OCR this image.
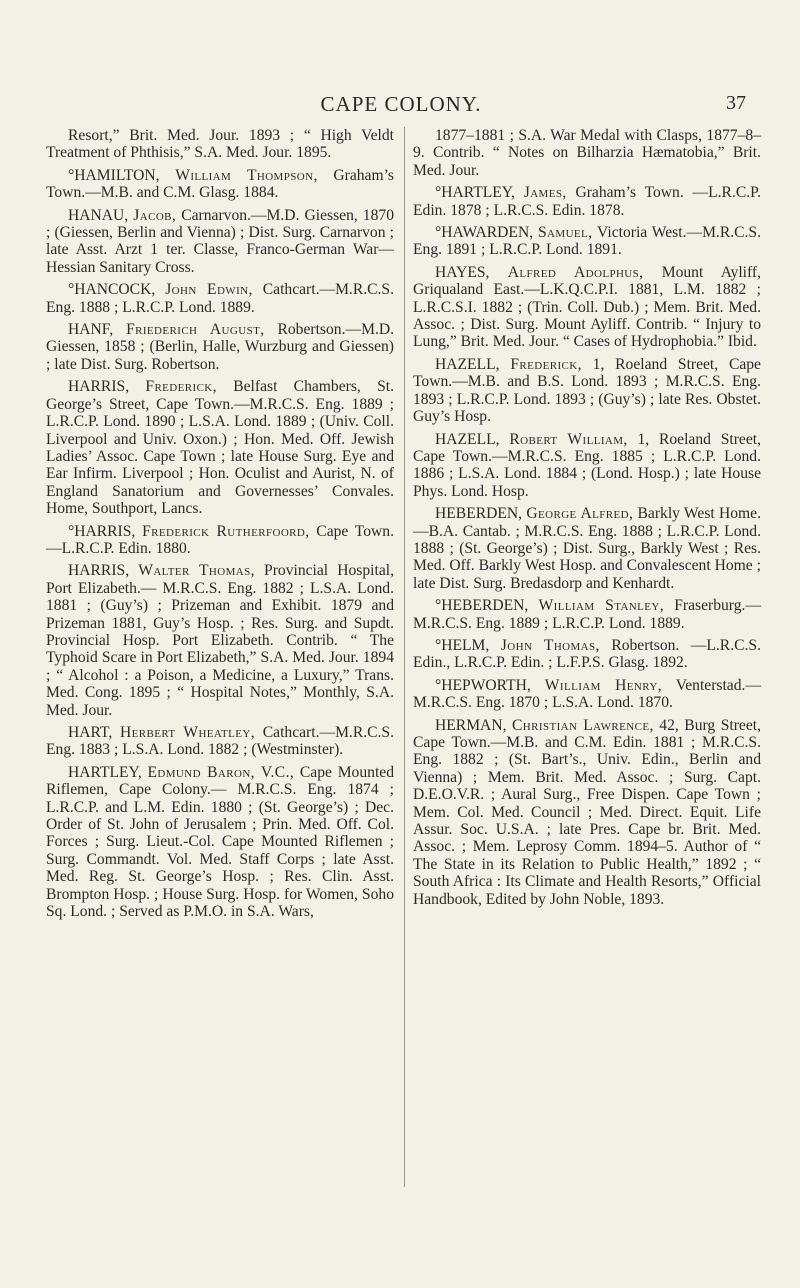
CAPE COLONY.	37

Resort,” Brit. Med. Jour. 1893 ; “ High Veldt Treatment of Phthisis,” S.A. Med. Jour. 1895.

°HAMILTON, William Thompson, Graham’s Town.—M.B. and C.M. Glasg. 1884.

HANAU, Jacob, Carnarvon.—M.D. Giessen, 1870 ; (Giessen, Berlin and Vienna) ; Dist. Surg. Carnarvon ; late Asst. Arzt 1 ter. Classe, Franco-German War—Hessian Sanitary Cross.

°HANCOCK, John Edwin, Cathcart.—M.R.C.S. Eng. 1888 ; L.R.C.P. Lond. 1889.

HANF, Friederich August, Robertson.—M.D. Giessen, 1858 ; (Berlin, Halle, Wurzburg and Giessen) ; late Dist. Surg. Robertson.

HARRIS, Frederick, Belfast Chambers, St. George’s Street, Cape Town.—M.R.C.S. Eng. 1889 ; L.R.C.P. Lond. 1890 ; L.S.A. Lond. 1889 ; (Univ. Coll. Liverpool and Univ. Oxon.) ; Hon. Med. Off. Jewish Ladies’ Assoc. Cape Town ; late House Surg. Eye and Ear Infirm. Liverpool ; Hon. Oculist and Aurist, N. of England Sanatorium and Governesses’ Convales. Home, Southport, Lancs.

°HARRIS, Frederick Rutherfoord, Cape Town.—L.R.C.P. Edin. 1880.

HARRIS, Walter Thomas, Provincial Hospital, Port Elizabeth.— M.R.C.S. Eng. 1882 ; L.S.A. Lond. 1881 ; (Guy’s) ; Prizeman and Exhibit. 1879 and Prizeman 1881, Guy’s Hosp. ; Res. Surg. and Supdt. Provincial Hosp. Port Elizabeth. Contrib. “ The Typhoid Scare in Port Elizabeth,” S.A. Med. Jour. 1894 ; “ Alcohol : a Poison, a Medicine, a Luxury,” Trans. Med. Cong. 1895 ; “ Hospital Notes,” Monthly, S.A. Med. Jour.

HART, Herbert Wheatley, Cathcart.—M.R.C.S. Eng. 1883 ; L.S.A. Lond. 1882 ; (Westminster).

HARTLEY, Edmund Baron, V.C., Cape Mounted Riflemen, Cape Colony.— M.R.C.S. Eng. 1874 ; L.R.C.P. and L.M. Edin. 1880 ; (St. George’s) ; Dec. Order of St. John of Jerusalem ; Prin. Med. Off. Col. Forces ; Surg. Lieut.-Col. Cape Mounted Riflemen ; Surg. Commandt. Vol. Med. Staff Corps ; late Asst. Med. Reg. St. George’s Hosp. ; Res. Clin. Asst. Brompton Hosp. ; House Surg. Hosp. for Women, Soho Sq. Lond. ; Served as P.M.O. in S.A. Wars,

1877–1881 ; S.A. War Medal with Clasps, 1877–8–9. Contrib. “ Notes on Bilharzia Hæmatobia,” Brit. Med. Jour.

°HARTLEY, James, Graham’s Town. —L.R.C.P. Edin. 1878 ; L.R.C.S. Edin. 1878.

°HAWARDEN, Samuel, Victoria West.—M.R.C.S. Eng. 1891 ; L.R.C.P. Lond. 1891.

HAYES, Alfred Adolphus, Mount Ayliff, Griqualand East.—L.K.Q.C.P.I. 1881, L.M. 1882 ; L.R.C.S.I. 1882 ; (Trin. Coll. Dub.) ; Mem. Brit. Med. Assoc. ; Dist. Surg. Mount Ayliff. Contrib. “ Injury to Lung,” Brit. Med. Jour. “ Cases of Hydrophobia.” Ibid.

HAZELL, Frederick, 1, Roeland Street, Cape Town.—M.B. and B.S. Lond. 1893 ; M.R.C.S. Eng. 1893 ; L.R.C.P. Lond. 1893 ; (Guy’s) ; late Res. Obstet. Guy’s Hosp.

HAZELL, Robert William, 1, Roeland Street, Cape Town.—M.R.C.S. Eng. 1885 ; L.R.C.P. Lond. 1886 ; L.S.A. Lond. 1884 ; (Lond. Hosp.) ; late House Phys. Lond. Hosp.

HEBERDEN, George Alfred, Barkly West Home.—B.A. Cantab. ; M.R.C.S. Eng. 1888 ; L.R.C.P. Lond. 1888 ; (St. George’s) ; Dist. Surg., Barkly West ; Res. Med. Off. Barkly West Hosp. and Convalescent Home ; late Dist. Surg. Bredasdorp and Kenhardt.

°HEBERDEN, William Stanley, Fraserburg.—M.R.C.S. Eng. 1889 ; L.R.C.P. Lond. 1889.

°HELM, John Thomas, Robertson. —L.R.C.S. Edin., L.R.C.P. Edin. ; L.F.P.S. Glasg. 1892.

°HEPWORTH, William Henry, Venterstad.—M.R.C.S. Eng. 1870 ; L.S.A. Lond. 1870.

HERMAN, Christian Lawrence, 42, Burg Street, Cape Town.—M.B. and C.M. Edin. 1881 ; M.R.C.S. Eng. 1882 ; (St. Bart’s., Univ. Edin., Berlin and Vienna) ; Mem. Brit. Med. Assoc. ; Surg. Capt. D.E.O.V.R. ; Aural Surg., Free Dispen. Cape Town ; Mem. Col. Med. Council ; Med. Direct. Equit. Life Assur. Soc. U.S.A. ; late Pres. Cape br. Brit. Med. Assoc. ; Mem. Leprosy Comm. 1894–5. Author of “ The State in its Relation to Public Health,” 1892 ; “ South Africa : Its Climate and Health Resorts,” Official Handbook, Edited by John Noble, 1893.
